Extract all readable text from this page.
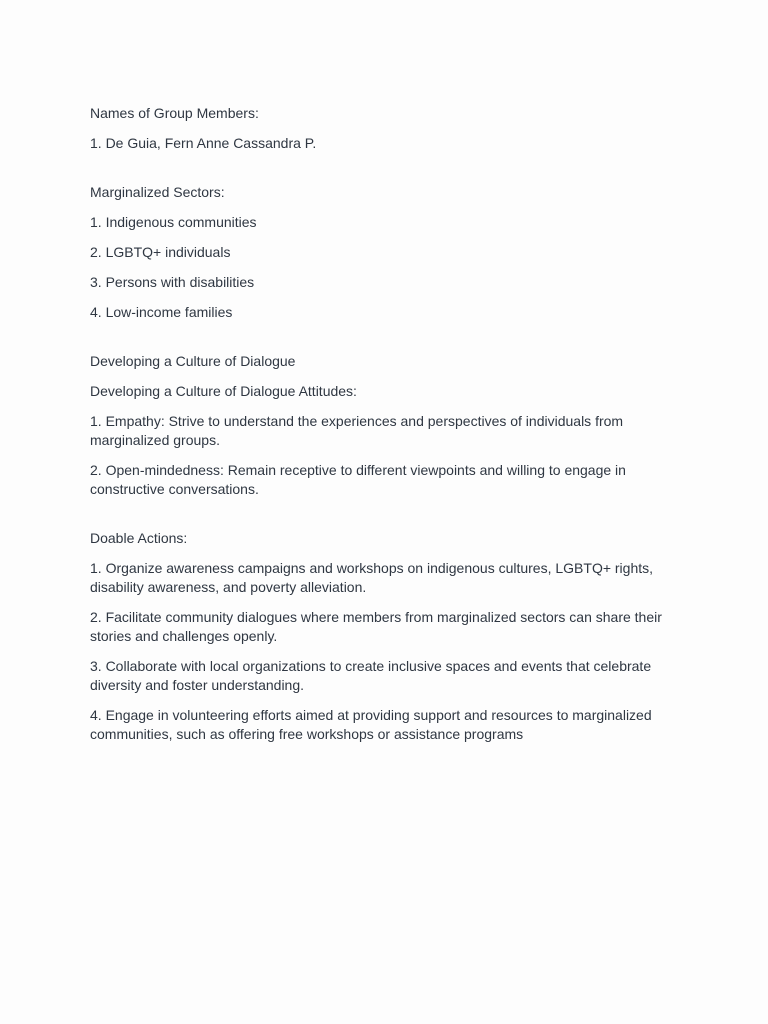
Names of Group Members:

1. De Guia, Fern Anne Cassandra P.

Marginalized Sectors:

1. Indigenous communities

2. LGBTQ+ individuals

3. Persons with disabilities

4. Low-income families

Developing a Culture of Dialogue

Developing a Culture of Dialogue Attitudes:

1. Empathy: Strive to understand the experiences and perspectives of individuals from marginalized groups.

2. Open-mindedness: Remain receptive to different viewpoints and willing to engage in constructive conversations.

Doable Actions:

1. Organize awareness campaigns and workshops on indigenous cultures, LGBTQ+ rights, disability awareness, and poverty alleviation.

2. Facilitate community dialogues where members from marginalized sectors can share their stories and challenges openly.

3. Collaborate with local organizations to create inclusive spaces and events that celebrate diversity and foster understanding.

4. Engage in volunteering efforts aimed at providing support and resources to marginalized communities, such as offering free workshops or assistance programs
